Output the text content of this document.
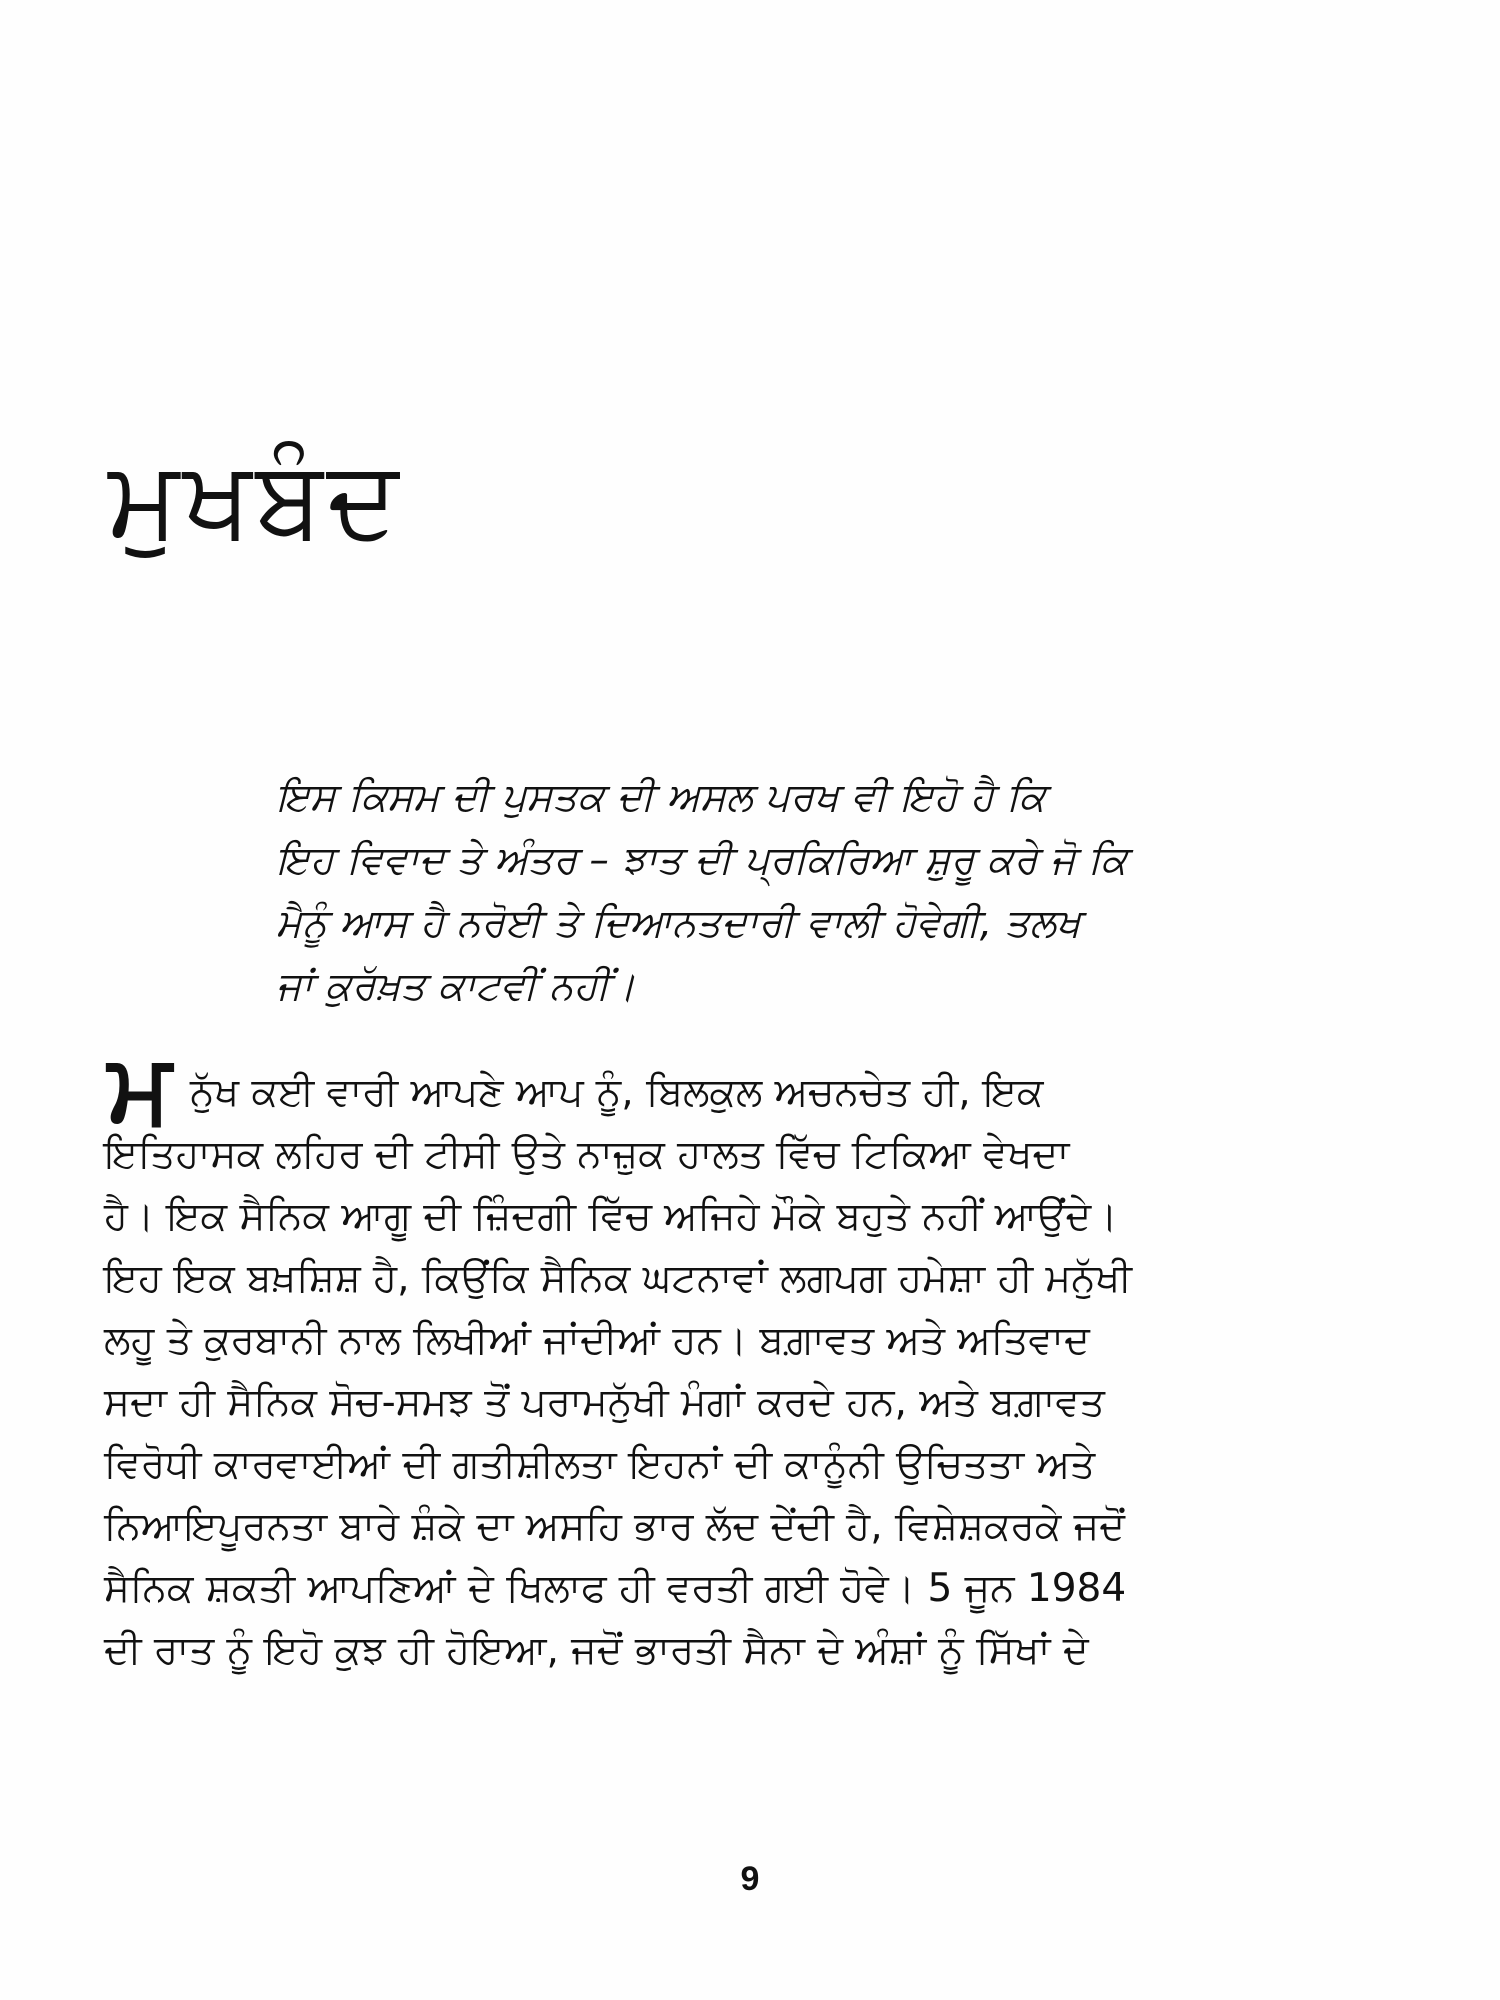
ਮੁਖਬੰਦ
ਇਸ ਕਿਸਮ ਦੀ ਪੁਸਤਕ ਦੀ ਅਸਲ ਪਰਖ ਵੀ ਇਹੋ ਹੈ ਕਿ
ਇਹ ਵਿਵਾਦ ਤੇ ਅੰਤਰ – ਝਾਤ ਦੀ ਪ੍ਰਕਿਰਿਆ ਸ਼ੁਰੂ ਕਰੇ ਜੋ ਕਿ
ਮੈਨੂੰ ਆਸ ਹੈ ਨਰੋਈ ਤੇ ਦਿਆਨਤਦਾਰੀ ਵਾਲੀ ਹੋਵੇਗੀ, ਤਲਖ
ਜਾਂ ਕੁਰੱਖ਼ਤ ਕਾਟਵੀਂ ਨਹੀਂ।
ਮ ਨੁੱਖ ਕਈ ਵਾਰੀ ਆਪਣੇ ਆਪ ਨੂੰ, ਬਿਲਕੁਲ ਅਚਨਚੇਤ ਹੀ, ਇਕ
ਇਤਿਹਾਸਕ ਲਹਿਰ ਦੀ ਟੀਸੀ ਉਤੇ ਨਾਜ਼ੁਕ ਹਾਲਤ ਵਿੱਚ ਟਿਕਿਆ ਵੇਖਦਾ
ਹੈ। ਇਕ ਸੈਨਿਕ ਆਗੂ ਦੀ ਜ਼ਿੰਦਗੀ ਵਿੱਚ ਅਜਿਹੇ ਮੌਕੇ ਬਹੁਤੇ ਨਹੀਂ ਆਉਂਦੇ।
ਇਹ ਇਕ ਬਖ਼ਸ਼ਿਸ਼ ਹੈ, ਕਿਉਂਕਿ ਸੈਨਿਕ ਘਟਨਾਵਾਂ ਲਗਪਗ ਹਮੇਸ਼ਾ ਹੀ ਮਨੁੱਖੀ
ਲਹੂ ਤੇ ਕੁਰਬਾਨੀ ਨਾਲ ਲਿਖੀਆਂ ਜਾਂਦੀਆਂ ਹਨ। ਬਗ਼ਾਵਤ ਅਤੇ ਅਤਿਵਾਦ
ਸਦਾ ਹੀ ਸੈਨਿਕ ਸੋਚ-ਸਮਝ ਤੋਂ ਪਰਾਮਨੁੱਖੀ ਮੰਗਾਂ ਕਰਦੇ ਹਨ, ਅਤੇ ਬਗ਼ਾਵਤ
ਵਿਰੋਧੀ ਕਾਰਵਾਈਆਂ ਦੀ ਗਤੀਸ਼ੀਲਤਾ ਇਹਨਾਂ ਦੀ ਕਾਨੂੰਨੀ ਉਚਿਤਤਾ ਅਤੇ
ਨਿਆਇਪੂਰਨਤਾ ਬਾਰੇ ਸ਼ੰਕੇ ਦਾ ਅਸਹਿ ਭਾਰ ਲੱਦ ਦੇਂਦੀ ਹੈ, ਵਿਸ਼ੇਸ਼ਕਰਕੇ ਜਦੋਂ
ਸੈਨਿਕ ਸ਼ਕਤੀ ਆਪਣਿਆਂ ਦੇ ਖਿਲਾਫ ਹੀ ਵਰਤੀ ਗਈ ਹੋਵੇ। 5 ਜੂਨ 1984
ਦੀ ਰਾਤ ਨੂੰ ਇਹੋ ਕੁਝ ਹੀ ਹੋਇਆ, ਜਦੋਂ ਭਾਰਤੀ ਸੈਨਾ ਦੇ ਅੰਸ਼ਾਂ ਨੂੰ ਸਿੱਖਾਂ ਦੇ
9
